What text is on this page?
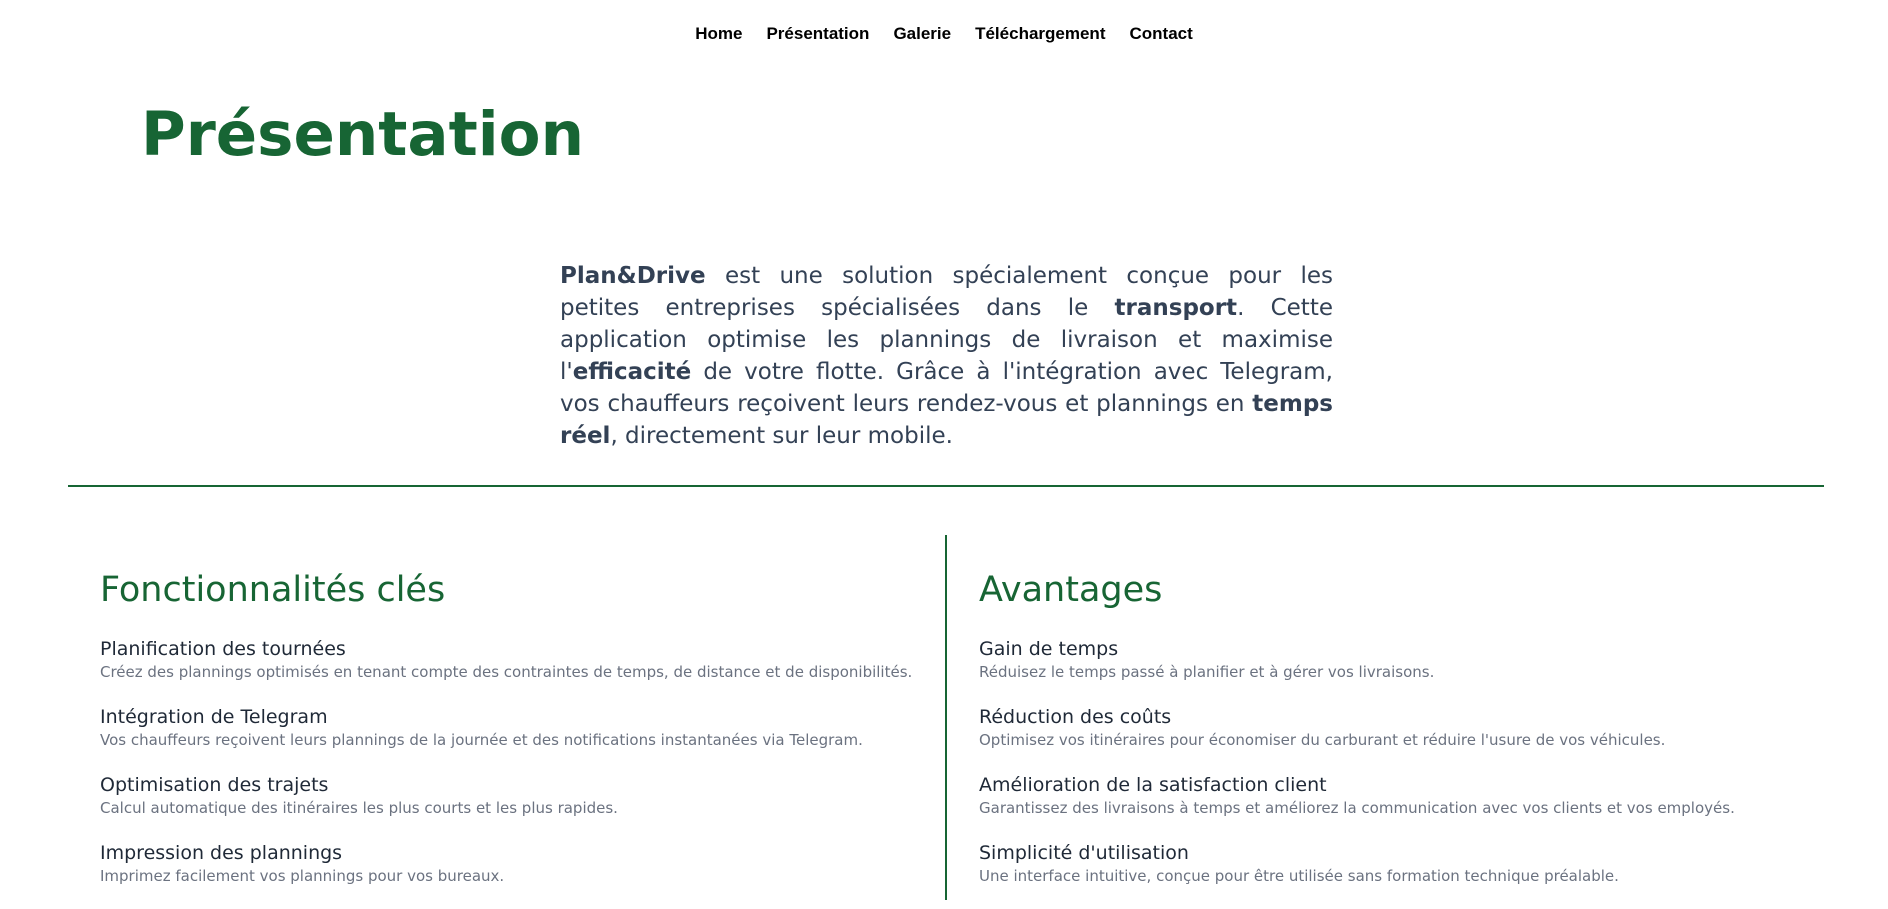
Home Présentation Galerie Téléchargement Contact
Présentation

Plan&Drive est une solution spécialement conçue pour les petites entreprises spécialisées dans le transport. Cette application optimise les plannings de livraison et maximise l'efficacité de votre flotte. Grâce à l'intégration avec Telegram, vos chauffeurs reçoivent leurs rendez-vous et plannings en temps réel, directement sur leur mobile.

Fonctionnalités clés
Planification des tournées
Créez des plannings optimisés en tenant compte des contraintes de temps, de distance et de disponibilités.
Intégration de Telegram
Vos chauffeurs reçoivent leurs plannings de la journée et des notifications instantanées via Telegram.
Optimisation des trajets
Calcul automatique des itinéraires les plus courts et les plus rapides.
Impression des plannings
Imprimez facilement vos plannings pour vos bureaux.
Avantages
Gain de temps
Réduisez le temps passé à planifier et à gérer vos livraisons.
Réduction des coûts
Optimisez vos itinéraires pour économiser du carburant et réduire l'usure de vos véhicules.
Amélioration de la satisfaction client
Garantissez des livraisons à temps et améliorez la communication avec vos clients et vos employés.
Simplicité d'utilisation
Une interface intuitive, conçue pour être utilisée sans formation technique préalable.
